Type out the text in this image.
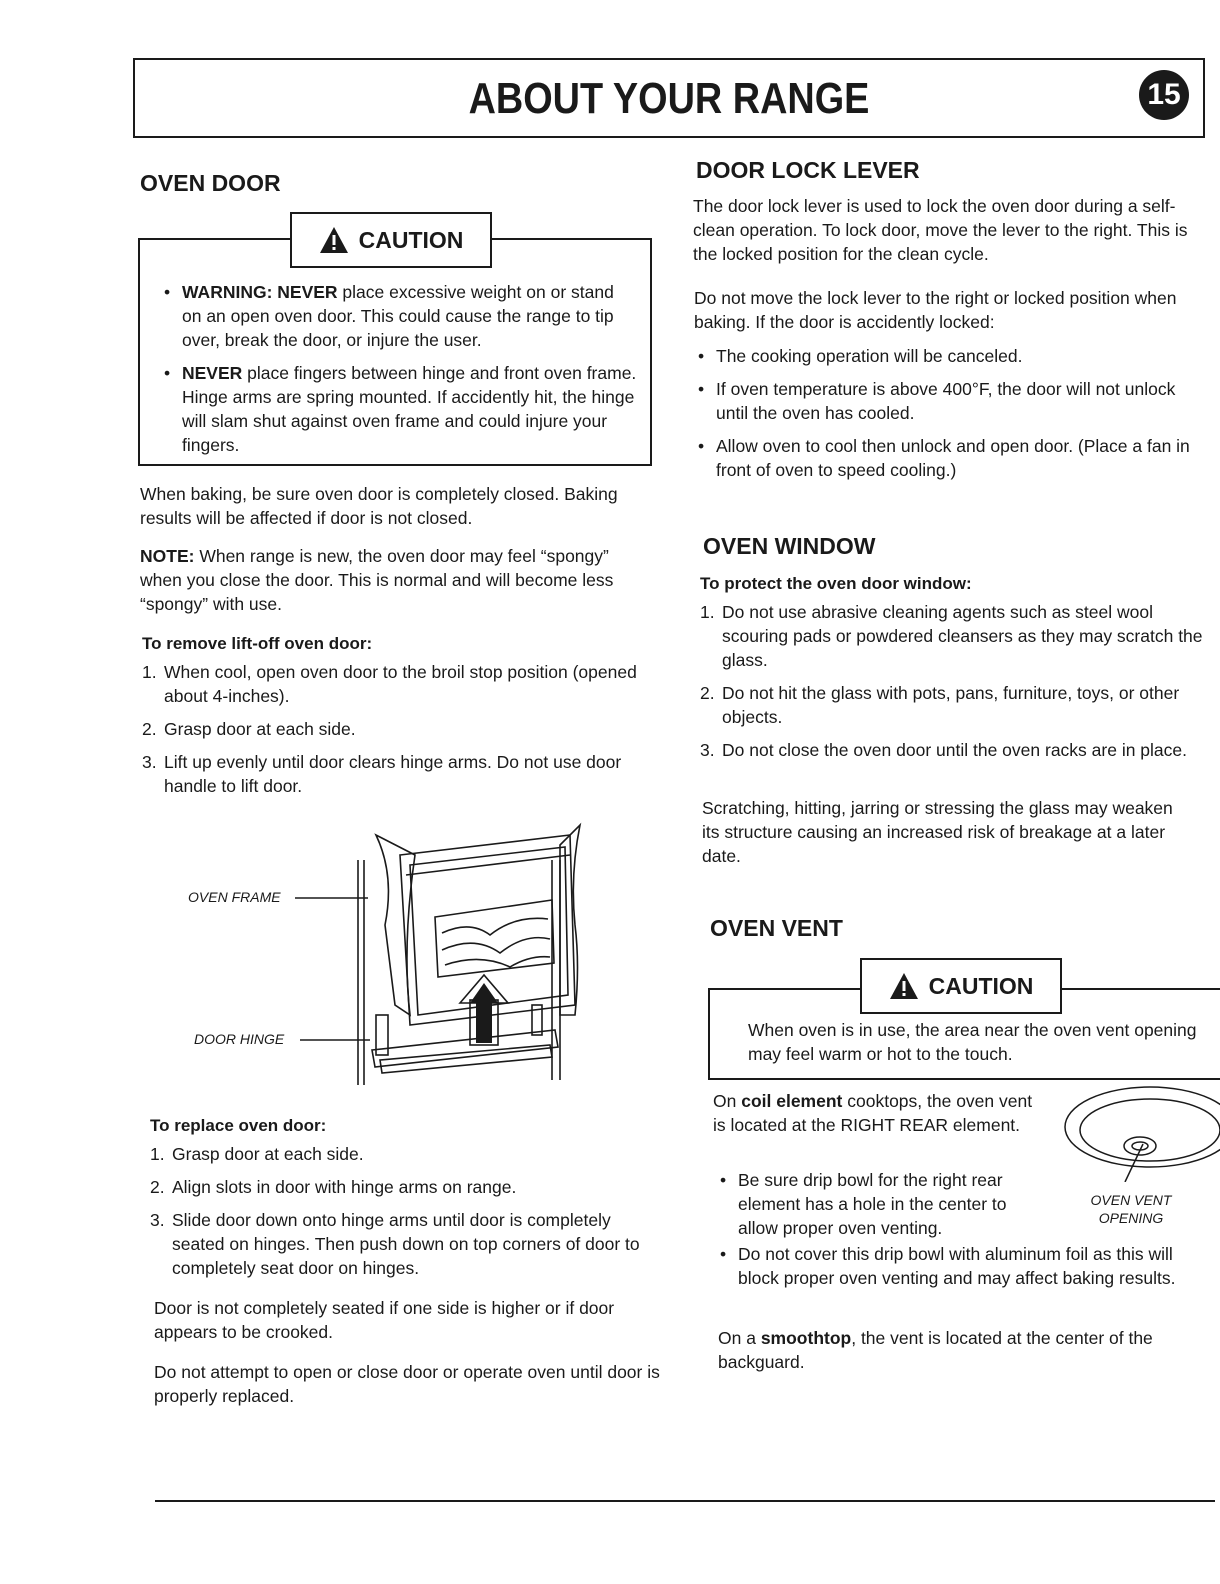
ABOUT YOUR RANGE	15
OVEN DOOR
• WARNING: NEVER place excessive weight on or stand on an open oven door. This could cause the range to tip over, break the door, or injure the user.
• NEVER place fingers between hinge and front oven frame. Hinge arms are spring mounted. If accidently hit, the hinge will slam shut against oven frame and could injure your fingers.
CAUTION

When baking, be sure oven door is completely closed. Baking results will be affected if door is not closed.

NOTE: When range is new, the oven door may feel “spongy” when you close the door. This is normal and will become less “spongy” with use.

To remove lift-off oven door:
1. When cool, open oven door to the broil stop position (opened about 4-inches).
2. Grasp door at each side.
3. Lift up evenly until door clears hinge arms. Do not use door handle to lift door.
OVEN FRAME
DOOR HINGE
To replace oven door:
1. Grasp door at each side.
2. Align slots in door with hinge arms on range.
3. Slide door down onto hinge arms until door is completely seated on hinges. Then push down on top corners of door to completely seat door on hinges.

Door is not completely seated if one side is higher or if door appears to be crooked.

Do not attempt to open or close door or operate oven until door is properly replaced.

DOOR LOCK LEVER

The door lock lever is used to lock the oven door during a self-clean operation. To lock door, move the lever to the right. This is the locked position for the clean cycle.

Do not move the lock lever to the right or locked position when baking. If the door is accidently locked:

• The cooking operation will be canceled.
• If oven temperature is above 400°F, the door will not unlock until the oven has cooled.
• Allow oven to cool then unlock and open door. (Place a fan in front of oven to speed cooling.)
OVEN WINDOW
To protect the oven door window:
1. Do not use abrasive cleaning agents such as steel wool scouring pads or powdered cleansers as they may scratch the glass.
2. Do not hit the glass with pots, pans, furniture, toys, or other objects.
3. Do not close the oven door until the oven racks are in place.

Scratching, hitting, jarring or stressing the glass may weaken its structure causing an increased risk of breakage at a later date.

OVEN VENT

When oven is in use, the area near the oven vent opening may feel warm or hot to the touch.

CAUTION

On coil element cooktops, the oven vent is located at the RIGHT REAR element.

OVEN VENT
OPENING
• Be sure drip bowl for the right rear element has a hole in the center to allow proper oven venting.
• Do not cover this drip bowl with aluminum foil as this will block proper oven venting and may affect baking results.

On a smoothtop, the vent is located at the center of the backguard.
